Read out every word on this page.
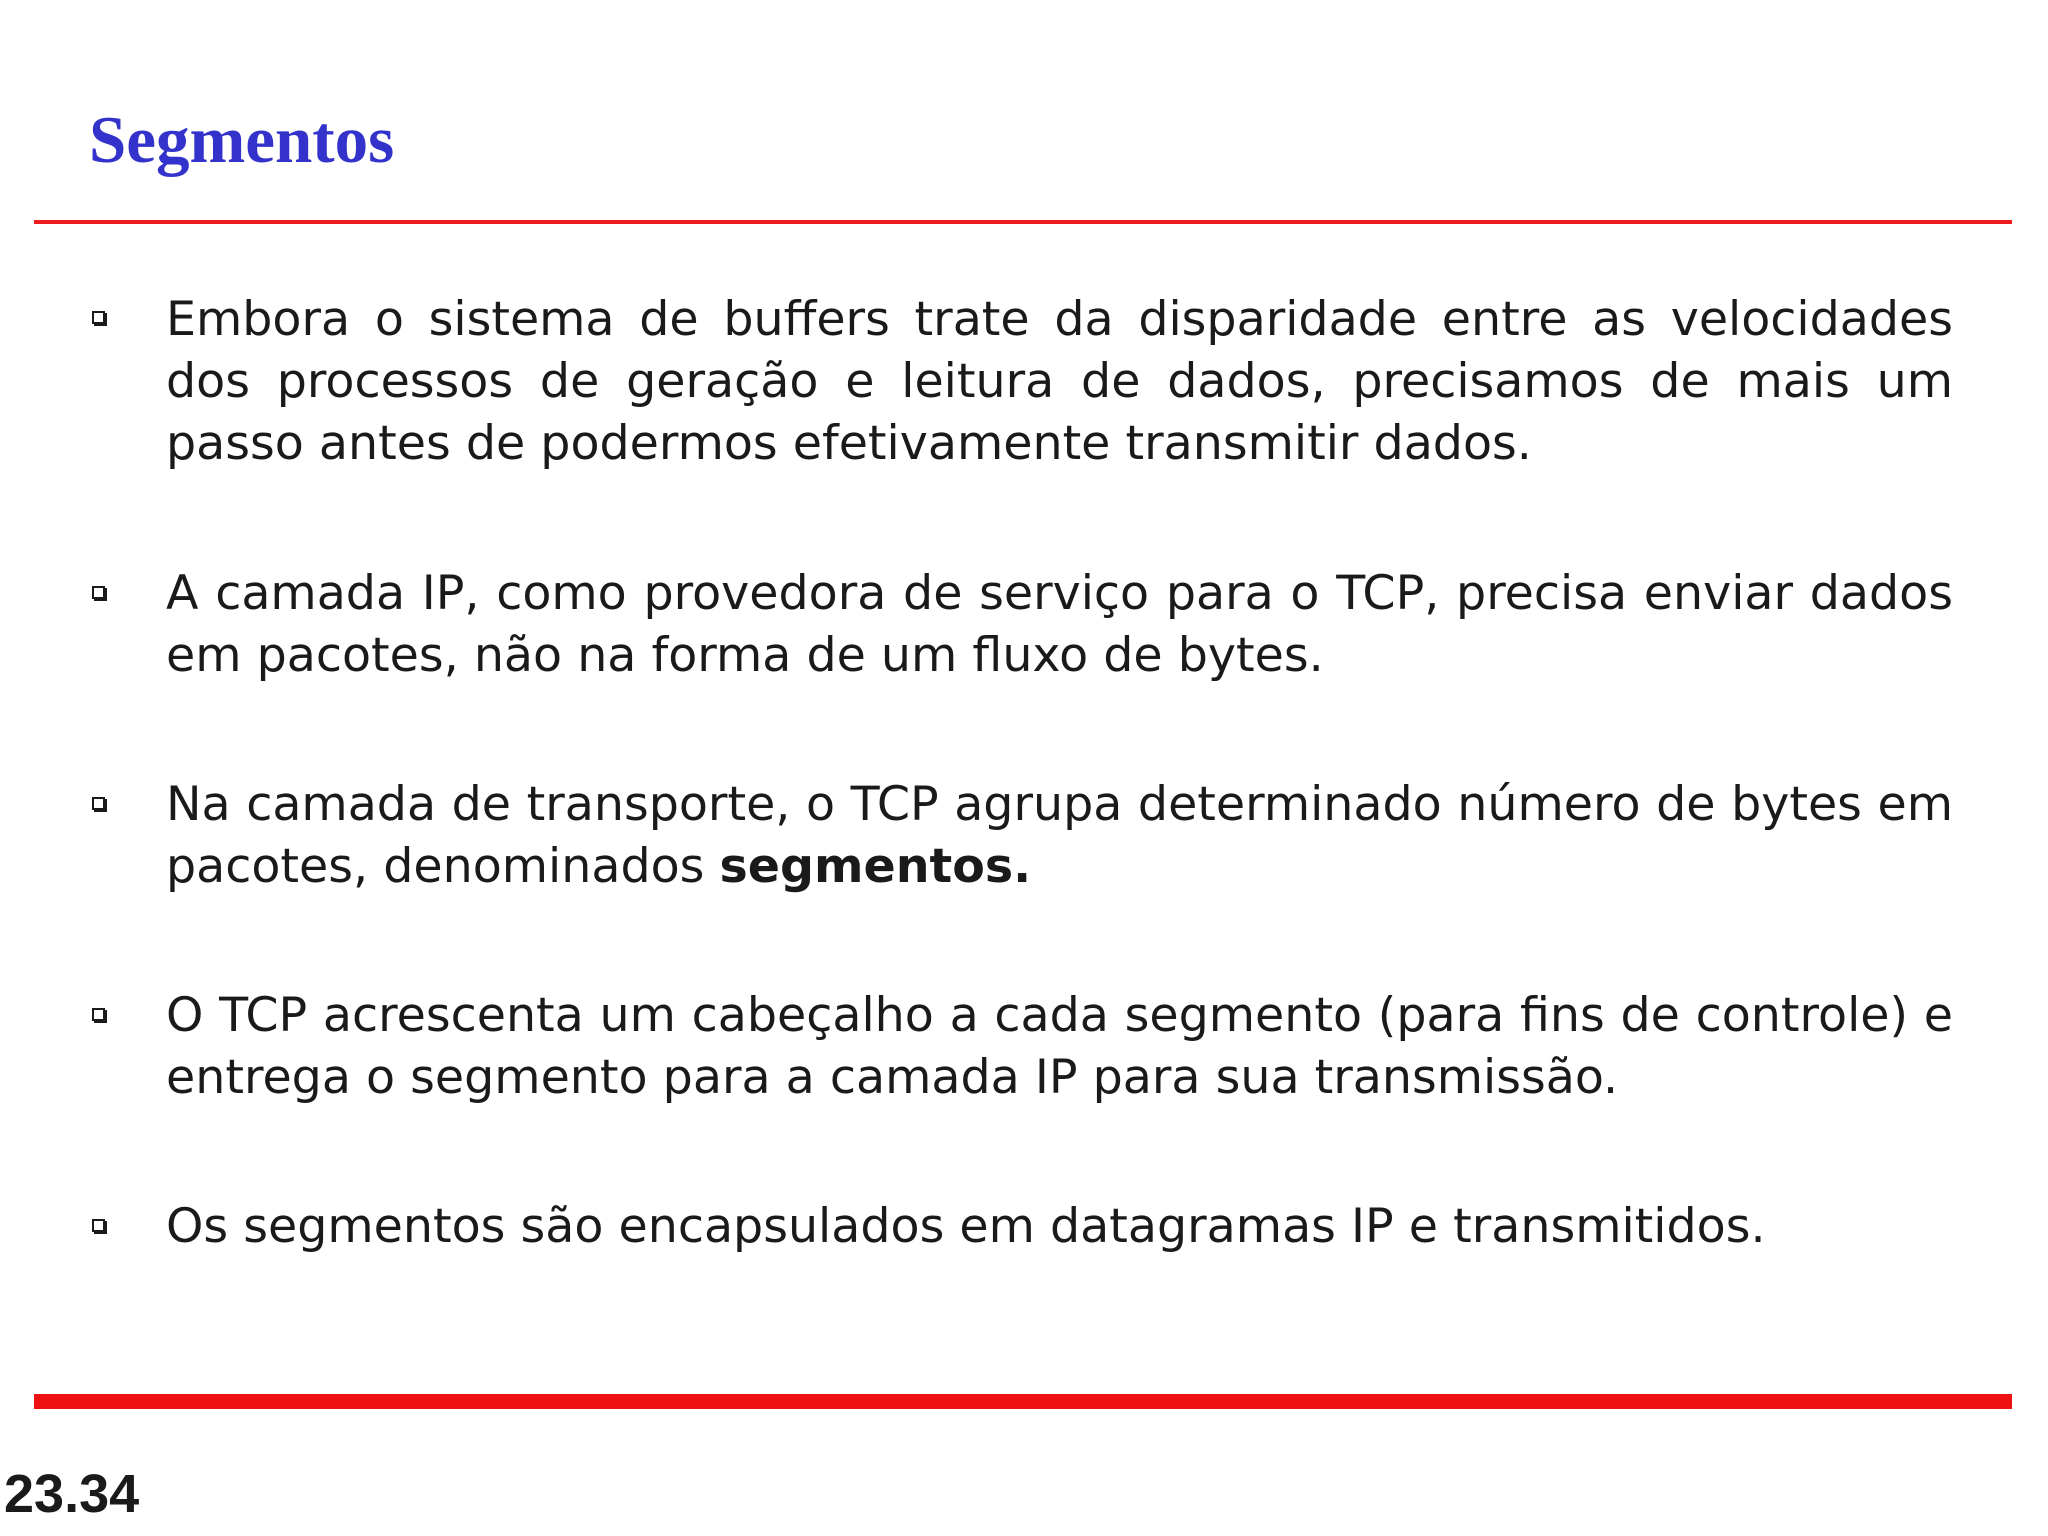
Segmentos
Embora o sistema de buffers trate da disparidade entre as velocidades dos processos de geração e leitura de dados, precisamos de mais um passo antes de podermos efetivamente transmitir dados.
A camada IP, como provedora de serviço para o TCP, precisa enviar dados em pacotes, não na forma de um fluxo de bytes.
Na camada de transporte, o TCP agrupa determinado número de bytes em pacotes, denominados segmentos.
O TCP acrescenta um cabeçalho a cada segmento (para fins de controle) e entrega o segmento para a camada IP para sua transmissão.
Os segmentos são encapsulados em datagramas IP e transmitidos.
23.34
